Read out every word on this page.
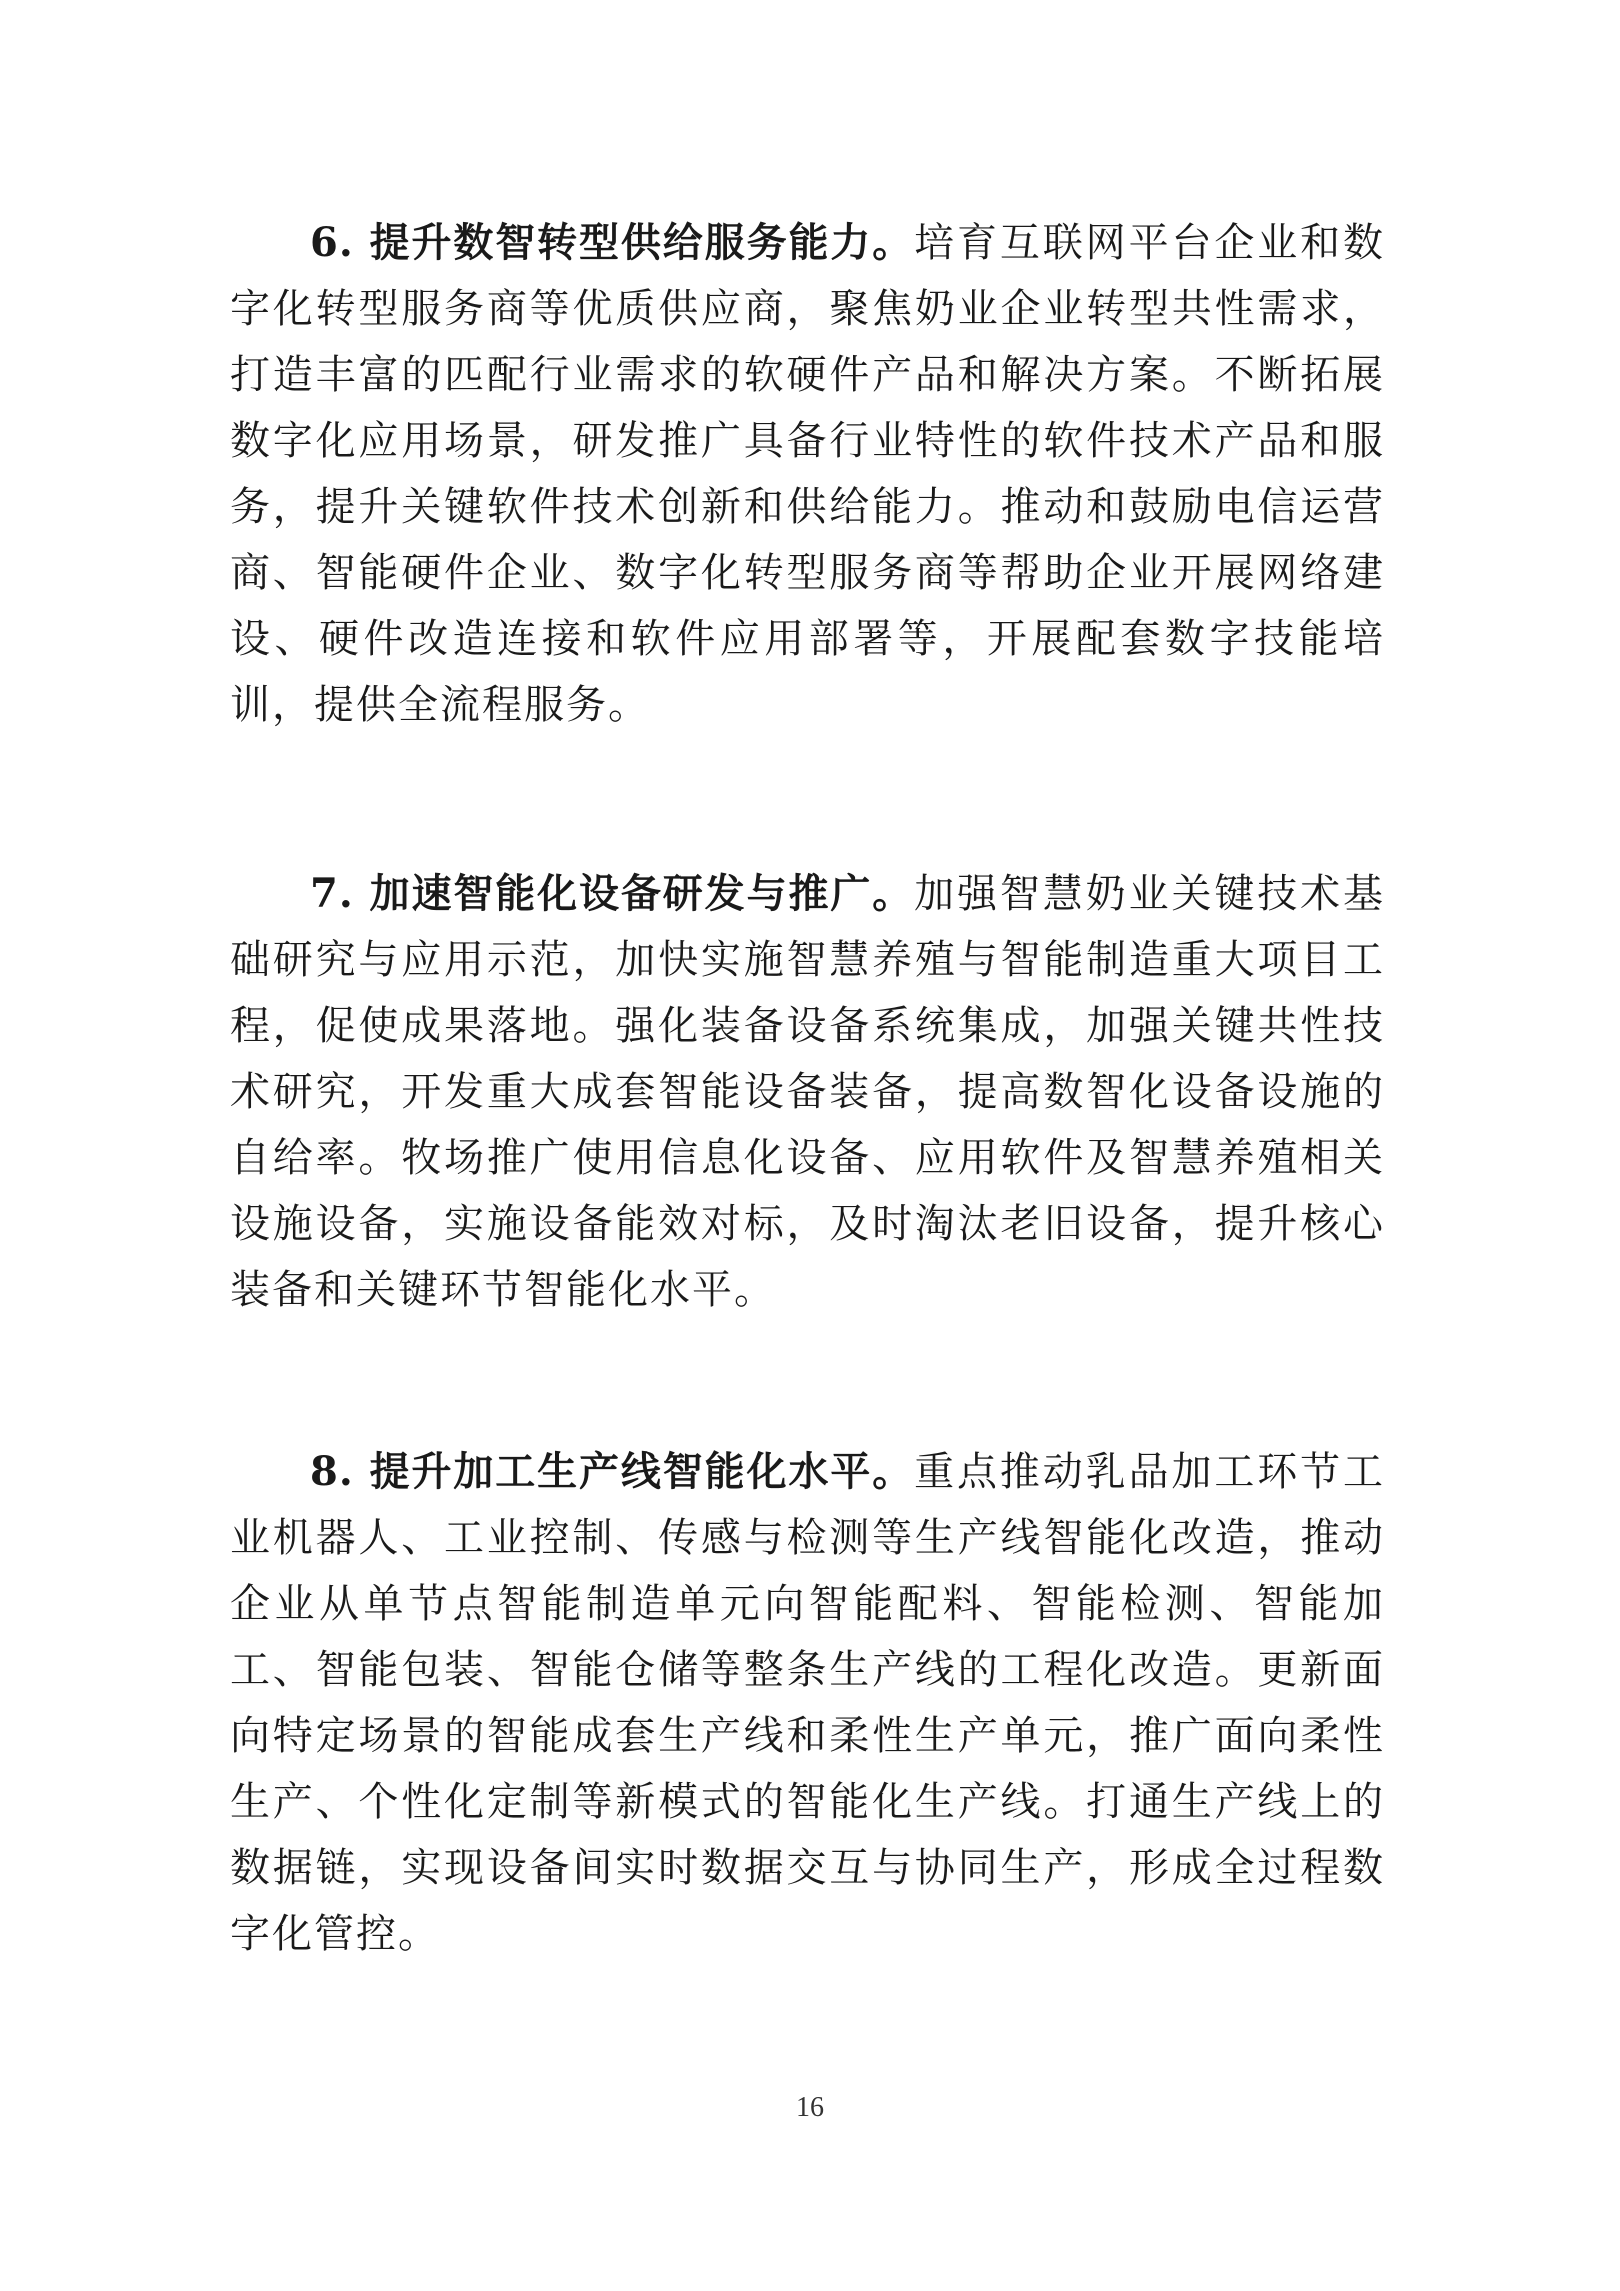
6. 提升数智转型供给服务能力。培育互联网平台企业和数字化转型服务商等优质供应商，聚焦奶业企业转型共性需求，打造丰富的匹配行业需求的软硬件产品和解决方案。不断拓展数字化应用场景，研发推广具备行业特性的软件技术产品和服务，提升关键软件技术创新和供给能力。推动和鼓励电信运营商、智能硬件企业、数字化转型服务商等帮助企业开展网络建设、硬件改造连接和软件应用部署等，开展配套数字技能培训，提供全流程服务。

7. 加速智能化设备研发与推广。加强智慧奶业关键技术基础研究与应用示范，加快实施智慧养殖与智能制造重大项目工程，促使成果落地。强化装备设备系统集成，加强关键共性技术研究，开发重大成套智能设备装备，提高数智化设备设施的自给率。牧场推广使用信息化设备、应用软件及智慧养殖相关设施设备，实施设备能效对标，及时淘汰老旧设备，提升核心装备和关键环节智能化水平。

8. 提升加工生产线智能化水平。重点推动乳品加工环节工业机器人、工业控制、传感与检测等生产线智能化改造，推动企业从单节点智能制造单元向智能配料、智能检测、智能加工、智能包装、智能仓储等整条生产线的工程化改造。更新面向特定场景的智能成套生产线和柔性生产单元，推广面向柔性生产、个性化定制等新模式的智能化生产线。打通生产线上的数据链，实现设备间实时数据交互与协同生产，形成全过程数字化管控。

16
